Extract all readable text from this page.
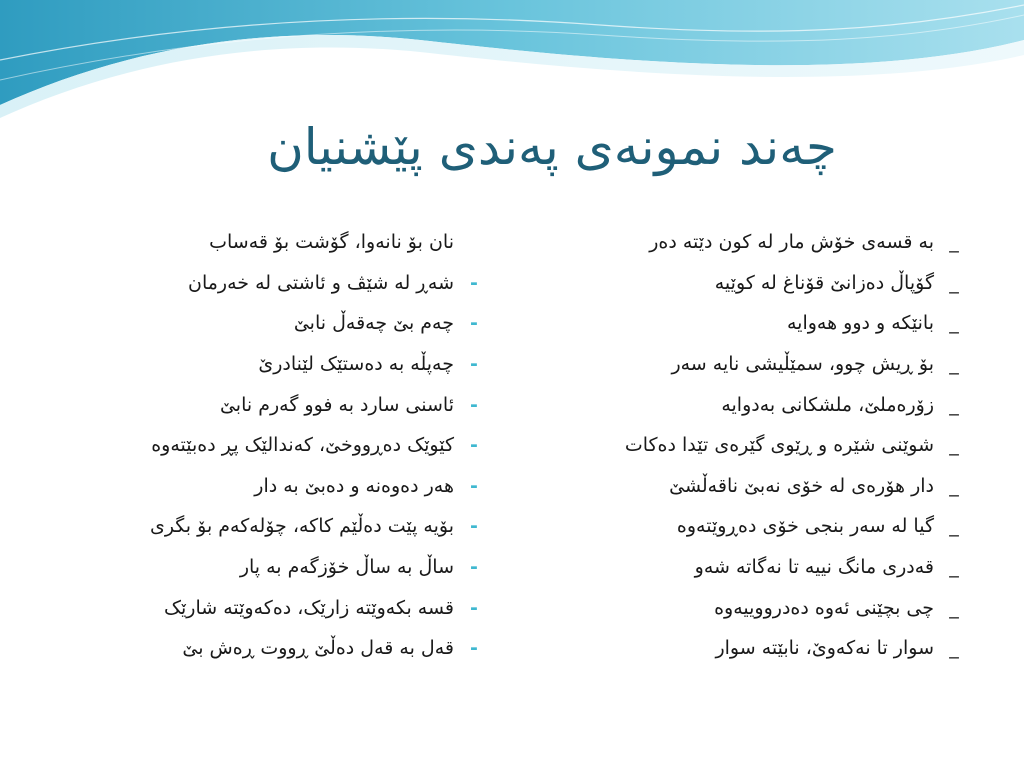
چەند نمونەی پەندی پێشنیان
_
بە قسەی خۆش مار لە کون دێتە دەر
_
گۆپاڵ دەزانێ قۆناغ لە کوێیە
_
بانێکە و دوو هەوایە
_
بۆ ڕیش چوو، سمێڵیشی نایە سەر
_
زۆرەملێ، ملشکانی بەدوایە
_
شوێنی شێرە و ڕێوی گێرەی تێدا دەکات
_
دار هۆرەی لە خۆی نەبێ ناقەڵشێ
_
گیا لە سەر بنجی خۆی دەڕوێتەوە
_
قەدری مانگ نییە تا نەگاتە شەو
_
چی بچێنی ئەوە دەدرووییەوە
_
سوار تا نەکەوێ، نابێتە سوار
نان بۆ نانەوا، گۆشت بۆ قەساب
-
شەڕ لە شێڤ و ئاشتی لە خەرمان
-
چەم بێ چەقەڵ نابێ
-
چەپڵە بە دەستێک لێنادرێ
-
ئاسنی سارد بە فوو گەرم نابێ
-
کێوێک دەڕووخێ، کەندالێک پڕ دەبێتەوە
-
هەر دەوەنە و دەبێ بە دار
-
بۆیە پێت دەڵێم کاکە، چۆلەکەم بۆ بگری
-
ساڵ بە ساڵ خۆزگەم بە پار
-
قسە بکەوێتە زارێک، دەکەوێتە شارێک
-
قەل بە قەل دەڵێ ڕووت ڕەش بێ
